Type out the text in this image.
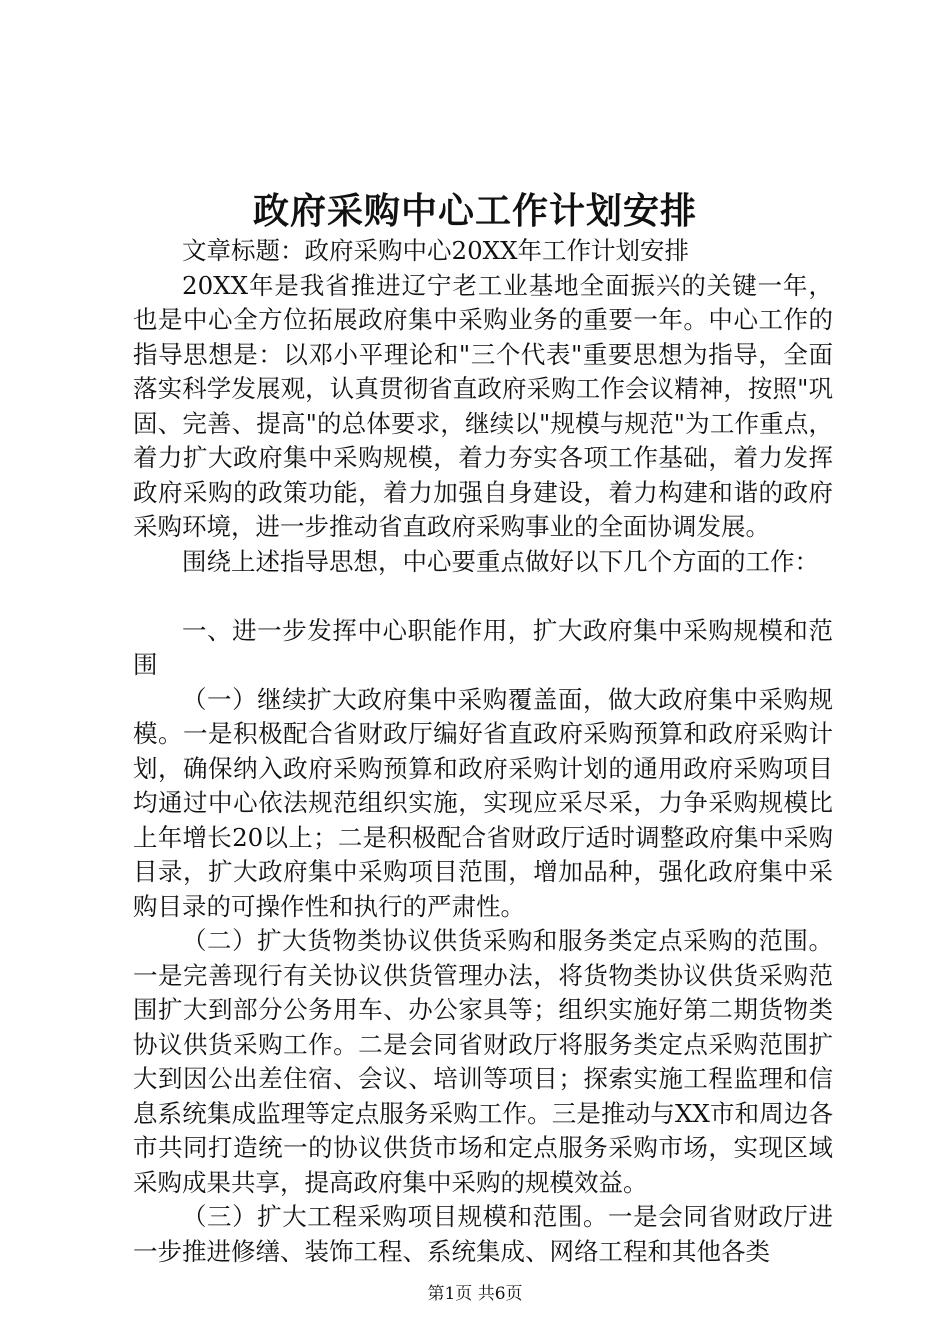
政府采购中心工作计划安排

文章标题：政府采购中心20XX年工作计划安排

20XX年是我省推进辽宁老工业基地全面振兴的关键一年，也是中心全方位拓展政府集中采购业务的重要一年。中心工作的指导思想是：以邓小平理论和"三个代表"重要思想为指导，全面落实科学发展观，认真贯彻省直政府采购工作会议精神，按照"巩固、完善、提高"的总体要求，继续以"规模与规范"为工作重点，着力扩大政府集中采购规模，着力夯实各项工作基础，着力发挥政府采购的政策功能，着力加强自身建设，着力构建和谐的政府采购环境，进一步推动省直政府采购事业的全面协调发展。

围绕上述指导思想，中心要重点做好以下几个方面的工作：

一、进一步发挥中心职能作用，扩大政府集中采购规模和范围

（一）继续扩大政府集中采购覆盖面，做大政府集中采购规模。一是积极配合省财政厅编好省直政府采购预算和政府采购计划，确保纳入政府采购预算和政府采购计划的通用政府采购项目均通过中心依法规范组织实施，实现应采尽采，力争采购规模比上年增长20以上；二是积极配合省财政厅适时调整政府集中采购目录，扩大政府集中采购项目范围，增加品种，强化政府集中采购目录的可操作性和执行的严肃性。

（二）扩大货物类协议供货采购和服务类定点采购的范围。一是完善现行有关协议供货管理办法，将货物类协议供货采购范围扩大到部分公务用车、办公家具等；组织实施好第二期货物类协议供货采购工作。二是会同省财政厅将服务类定点采购范围扩大到因公出差住宿、会议、培训等项目；探索实施工程监理和信息系统集成监理等定点服务采购工作。三是推动与XX市和周边各市共同打造统一的协议供货市场和定点服务采购市场，实现区域采购成果共享，提高政府集中采购的规模效益。

（三）扩大工程采购项目规模和范围。一是会同省财政厅进一步推进修缮、装饰工程、系统集成、网络工程和其他各类

第1页 共6页
